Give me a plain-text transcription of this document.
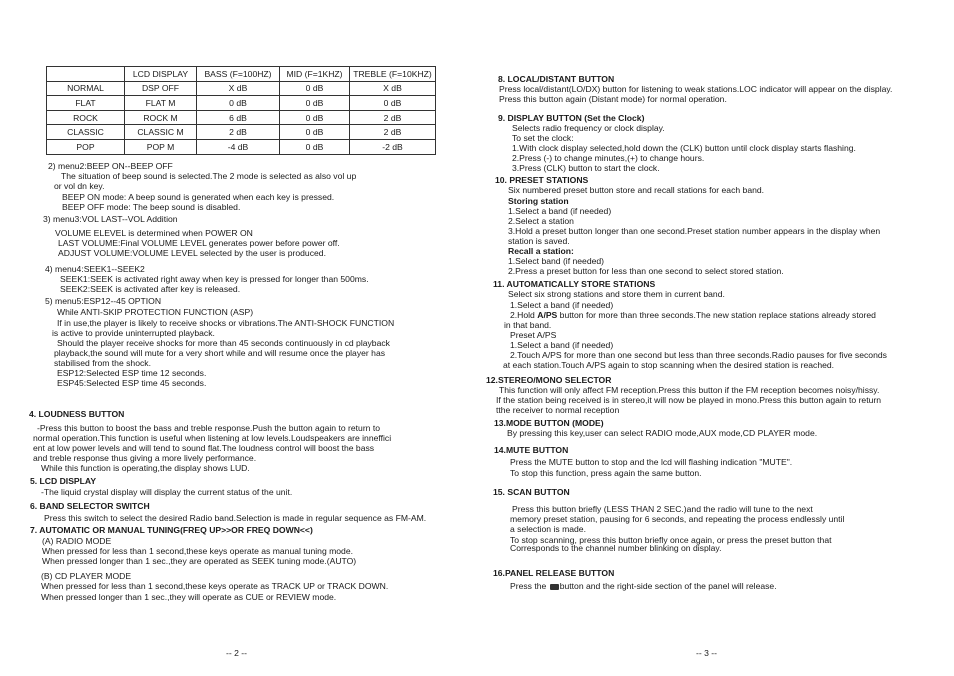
	LCD DISPLAY	BASS (F=100HZ)	MID (F=1KHZ)	TREBLE (F=10KHZ)
NORMAL	DSP OFF	X dB	0 dB	X dB
FLAT	FLAT M	0 dB	0 dB	0 dB
ROCK	ROCK M	6 dB	0 dB	2 dB
CLASSIC	CLASSIC M	2 dB	0 dB	2 dB
POP	POP M	-4 dB	0 dB	-2 dB
2) menu2:BEEP ON--BEEP OFF
The situation of beep sound is selected.The 2 mode is selected as also vol up
or vol dn key.
BEEP ON mode: A beep sound is generated when each key is pressed.
BEEP OFF mode: The beep sound is disabled.
3) menu3:VOL LAST--VOL Addition
VOLUME ELEVEL is determined when POWER ON
LAST VOLUME:Final VOLUME LEVEL generates power before power off.
ADJUST VOLUME:VOLUME LEVEL selected by the user is produced.
4) menu4:SEEK1--SEEK2
SEEK1:SEEK is activated right away when key is pressed for longer than 500ms.
SEEK2:SEEK is activated after key is released.
5) menu5:ESP12--45 OPTION
While ANTI-SKIP PROTECTION FUNCTION (ASP)
If in use,the player is likely to receive shocks or vibrations.The ANTI-SHOCK FUNCTION
is active to provide uninterrupted playback.
Should the player receive shocks for more than 45 seconds continuously in cd playback
playback,the sound will mute for a very short while and will resume once the player has
stabilised from the shock.
ESP12:Selected ESP time 12 seconds.
ESP45:Selected ESP time 45 seconds.
4. LOUDNESS BUTTON
-Press this button to boost the bass and treble response.Push the button again to return to
normal operation.This function is useful when listening at low levels.Loudspeakers are inneffici
ent at low power levels and will tend to sound flat.The loudness control will boost the bass
and treble response thus giving a more lively performance.
While this function is operating,the display shows LUD.
5. LCD DISPLAY
-The liquid crystal display will display the current status of the unit.
6. BAND SELECTOR SWITCH
Press this switch to select the desired Radio band.Selection is made in regular sequence as FM-AM.
7. AUTOMATIC OR MANUAL TUNING(FREQ UP>>OR FREQ DOWN<<)
(A) RADIO MODE
When pressed for less than 1 second,these keys operate as manual tuning mode.
When pressed longer than 1 sec.,they are operated as SEEK tuning mode.(AUTO)
(B) CD PLAYER MODE
When pressed for less than 1 second,these keys operate as TRACK UP or TRACK DOWN.
When pressed longer than 1 sec.,they will operate as CUE or REVIEW mode.
-- 2 --
8. LOCAL/DISTANT BUTTON
Press local/distant(LO/DX) button for listening to weak stations.LOC indicator will appear on the display.
Press this button again (Distant mode) for normal operation.
9. DISPLAY BUTTON (Set the Clock)
Selects radio frequency or clock display.
To set the clock:
1.With clock display selected,hold down the (CLK) button until clock display starts flashing.
2.Press (-) to change minutes,(+) to change hours.
3.Press (CLK) button to start the clock.
10. PRESET STATIONS
Six numbered preset button store and recall stations for each band.
Storing station
1.Select a band (if needed)
2.Select a station
3.Hold a preset button longer than one second.Preset station number appears in the display when
station is saved.
Recall a station:
1.Select band (if needed)
2.Press a preset button for less than one second to select stored station.
11. AUTOMATICALLY STORE STATIONS
Select six strong stations and store them in current band.
1.Select a band (if needed)
2.Hold A/PS button for more than three seconds.The new station replace stations already stored
in that band.
Preset A/PS
1.Select a band (if needed)
2.Touch A/PS for more than one second but less than three seconds.Radio pauses for five seconds
at each station.Touch A/PS again to stop scanning when the desired station is reached.
12.STEREO/MONO SELECTOR
This function will only affect FM reception.Press this button if the FM reception becomes noisy/hissy.
If the station being received is in stereo,it will now be played in mono.Press this button again to return
tthe receiver to normal reception
13.MODE BUTTON (MODE)
By pressing this key,user can select RADIO mode,AUX mode,CD PLAYER mode.
14.MUTE BUTTON
Press the MUTE button to stop and the lcd will flashing indication "MUTE".
To stop this function, press again the same button.
15. SCAN BUTTON
Press this button briefly (LESS THAN 2 SEC.)and the radio will tune to the next
memory preset station, pausing for 6 seconds, and repeating the process endlessly until
a selection is made.
To stop scanning, press this button briefly once again, or press the preset button that
Corresponds to the channel number blinking on display.
16.PANEL RELEASE BUTTON
Press the button and the right-side section of the panel will release.
-- 3 --
